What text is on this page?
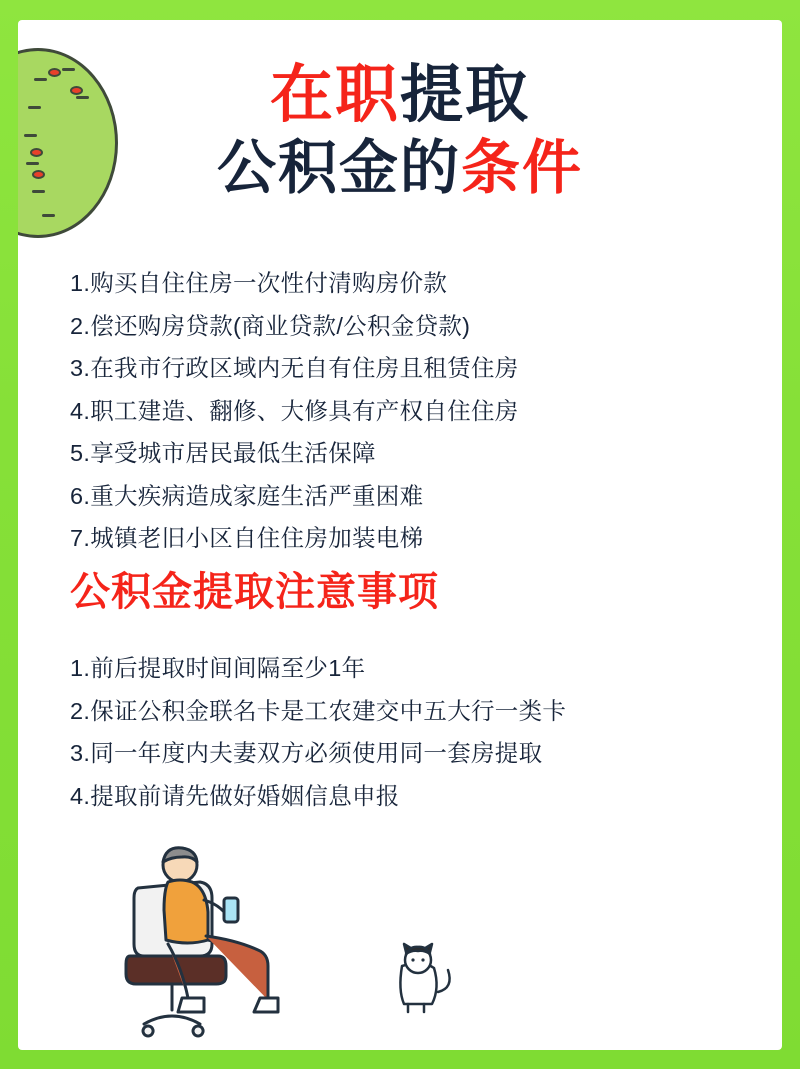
在职提取
公积金的条件
1.购买自住住房一次性付清购房价款
2.偿还购房贷款(商业贷款/公积金贷款)
3.在我市行政区域内无自有住房且租赁住房
4.职工建造、翻修、大修具有产权自住住房
5.享受城市居民最低生活保障
6.重大疾病造成家庭生活严重困难
7.城镇老旧小区自住住房加装电梯
公积金提取注意事项
1.前后提取时间间隔至少1年
2.保证公积金联名卡是工农建交中五大行一类卡
3.同一年度内夫妻双方必须使用同一套房提取
4.提取前请先做好婚姻信息申报
